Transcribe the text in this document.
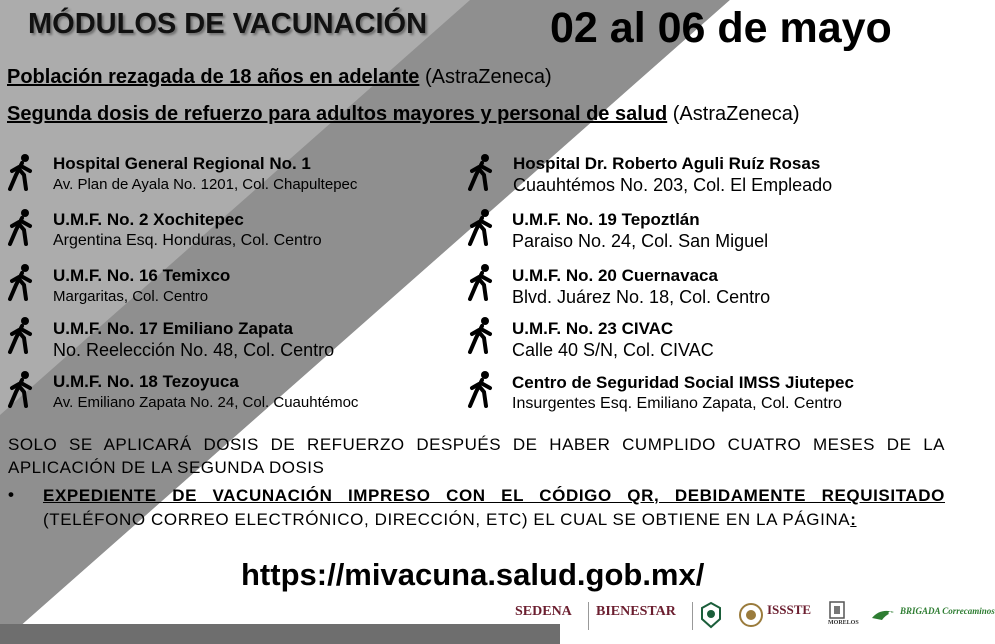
MÓDULOS DE VACUNACIÓN	02 al 06 de mayo
Población rezagada de 18 años en adelante (AstraZeneca)
Segunda dosis de refuerzo para adultos mayores y personal de salud (AstraZeneca)
Hospital General Regional No. 1
Av. Plan de Ayala No. 1201, Col. Chapultepec
U.M.F. No. 2 Xochitepec
Argentina Esq. Honduras, Col. Centro
U.M.F. No. 16 Temixco
Margaritas, Col. Centro
U.M.F. No. 17 Emiliano Zapata
No. Reelección No. 48, Col. Centro
U.M.F. No. 18 Tezoyuca
Av. Emiliano Zapata No. 24, Col. Cuauhtémoc
Hospital Dr. Roberto Aguli Ruíz Rosas
Cuauhtémos No. 203, Col. El Empleado
U.M.F. No. 19 Tepoztlán
Paraiso No. 24, Col. San Miguel
U.M.F. No. 20 Cuernavaca
Blvd. Juárez No. 18, Col. Centro
U.M.F. No. 23 CIVAC
Calle 40 S/N, Col. CIVAC
Centro de Seguridad Social IMSS Jiutepec
Insurgentes Esq. Emiliano Zapata, Col. Centro
SOLO SE APLICARÁ DOSIS DE REFUERZO DESPUÉS DE HABER CUMPLIDO CUATRO MESES DE LA APLICACIÓN DE LA SEGUNDA DOSIS
• EXPEDIENTE DE VACUNACIÓN IMPRESO CON EL CÓDIGO QR, DEBIDAMENTE REQUISITADO (TELÉFONO CORREO ELECTRÓNICO, DIRECCIÓN, ETC) EL CUAL SE OBTIENE EN LA PÁGINA:
https://mivacuna.salud.gob.mx/
SEDENA BIENESTAR	ISSSTE
MORELOS
BRIGADA Correcaminos
